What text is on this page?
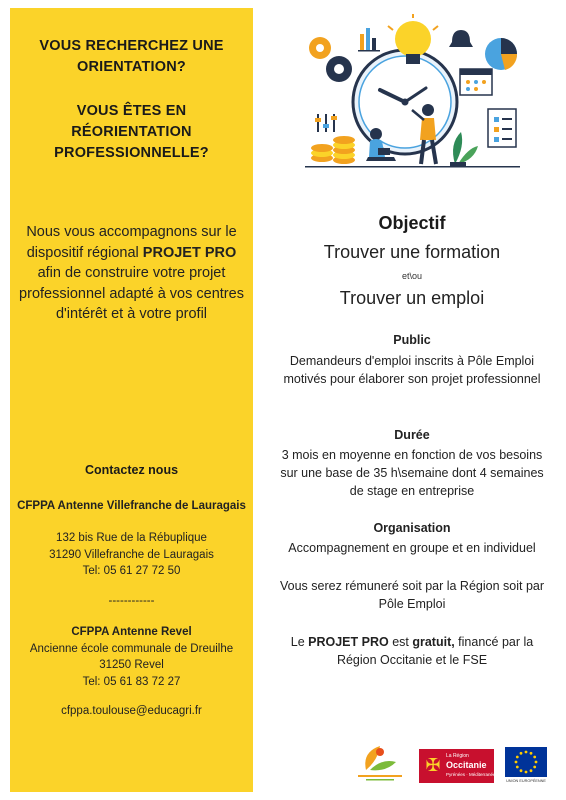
VOUS RECHERCHEZ UNE
ORIENTATION?
VOUS ÊTES EN
RÉORIENTATION
PROFESSIONNELLE?
Nous vous accompagnons sur le
dispositif régional PROJET PRO
afin de construire votre projet
professionnel adapté à vos centres
d'intérêt et à votre profil
Contactez nous
CFPPA Antenne Villefranche de Lauragais
132 bis Rue de la Rébuplique
31290 Villefranche de Lauragais
Tel: 05 61 27 72 50
------------
CFPPA Antenne Revel
Ancienne école communale de Dreuilhe
31250 Revel
Tel: 05 61 83 72 27
cfppa.toulouse@educagri.fr
Objectif
Trouver une formation
et\ou
Trouver un emploi
Public
Demandeurs d'emploi inscrits à Pôle Emploi
motivés pour élaborer son projet professionnel
Durée
3 mois en moyenne en fonction de vos besoins
sur une base de 35 h\semaine dont 4 semaines
de stage en entreprise
Organisation
Accompagnement en groupe et en individuel
Vous serez rémuneré soit par la Région soit par
Pôle Emploi
Le PROJET PRO est gratuit, financé par la
Région Occitanie et le FSE
✠	La Région
Occitanie
Pyrénées · Méditerranée
UNION EUROPÉENNE
